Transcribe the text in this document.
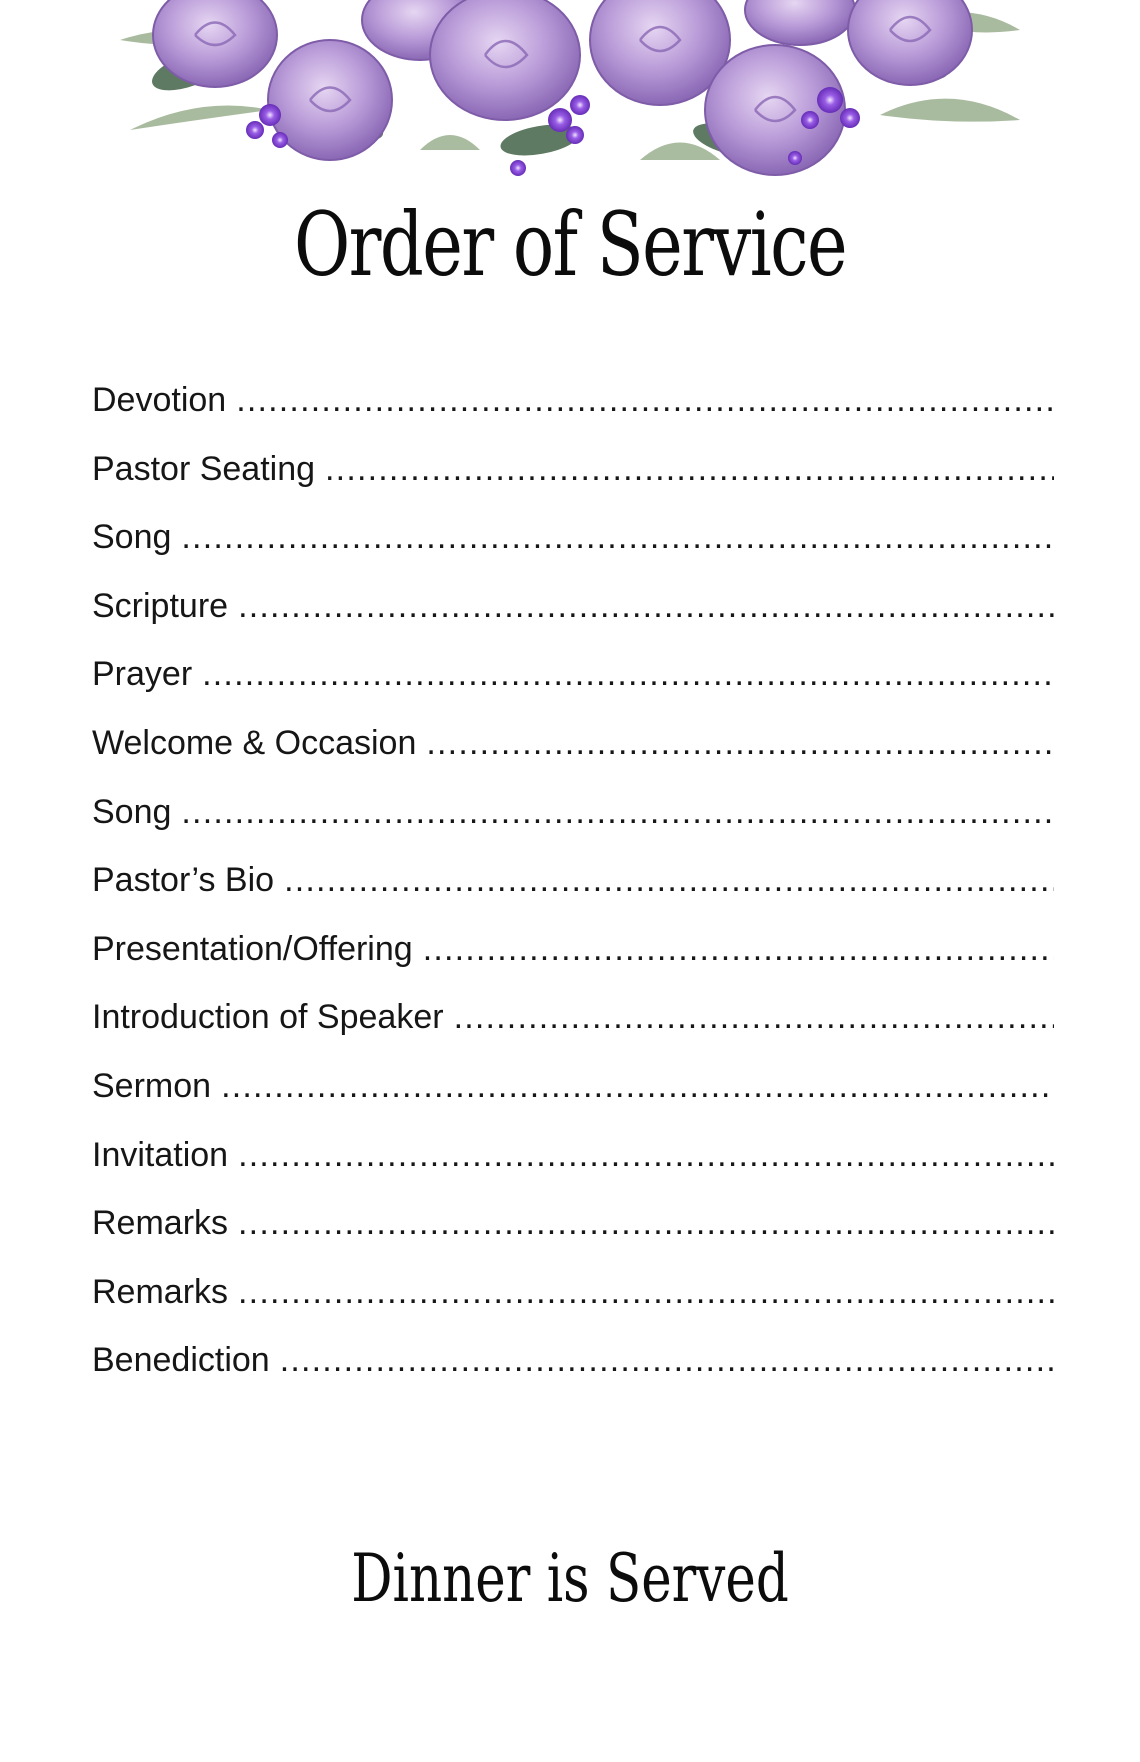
Order of Service
Devotion
.....
Pastor Seating
.....
Song
.....
Scripture
.....
Prayer
.....
Welcome & Occasion
.....
Song
.....
Pastor’s Bio
.....
Presentation/Offering
.....
Introduction of Speaker
.....
Sermon
.....
Invitation
.....
Remarks
.....
Remarks
.....
Benediction
.....
Dinner is Served
